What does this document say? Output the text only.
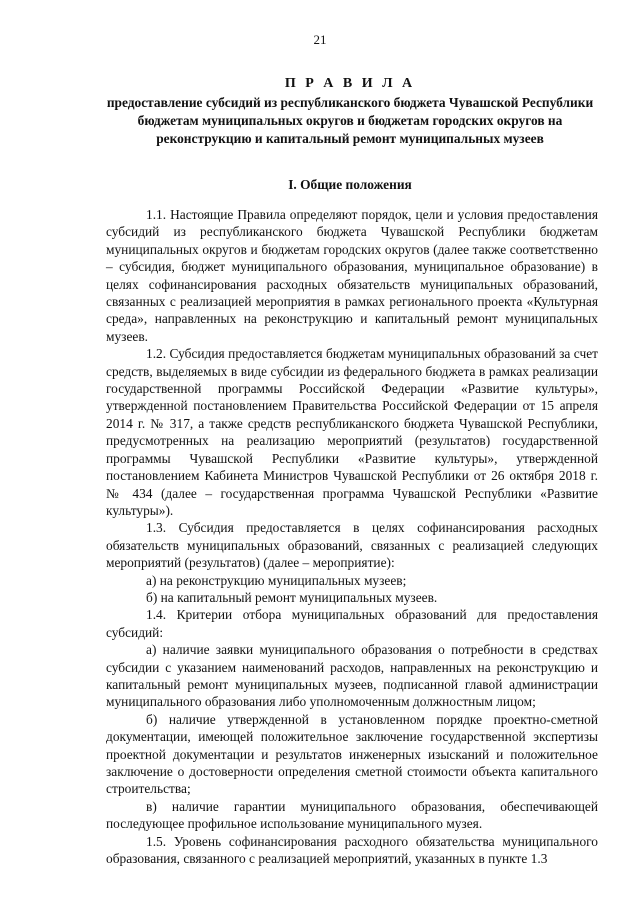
21

П Р А В И Л А

предоставление субсидий из республиканского бюджета Чувашской Республики бюджетам муниципальных округов и бюджетам городских округов на реконструкцию и капитальный ремонт муниципальных музеев

I. Общие положения

1.1. Настоящие Правила определяют порядок, цели и условия предоставления субсидий из республиканского бюджета Чувашской Республики бюджетам муниципальных округов и бюджетам городских округов (далее также соответственно – субсидия, бюджет муниципального образования, муниципальное образование) в целях софинансирования расходных обязательств муниципальных образований, связанных с реализацией мероприятия в рамках регионального проекта «Культурная среда», направленных на реконструкцию и капитальный ремонт муниципальных музеев.

1.2. Субсидия предоставляется бюджетам муниципальных образований за счет средств, выделяемых в виде субсидии из федерального бюджета в рамках реализации государственной программы Российской Федерации «Развитие культуры», утвержденной постановлением Правительства Российской Федерации от 15 апреля 2014 г. № 317, а также средств республиканского бюджета Чувашской Республики, предусмотренных на реализацию мероприятий (результатов) государственной программы Чувашской Республики «Развитие культуры», утвержденной постановлением Кабинета Министров Чувашской Республики от 26 октября 2018 г. № 434 (далее – государственная программа Чувашской Республики «Развитие культуры»).

1.3. Субсидия предоставляется в целях софинансирования расходных обязательств муниципальных образований, связанных с реализацией следующих мероприятий (результатов) (далее – мероприятие):

а) на реконструкцию муниципальных музеев;

б) на капитальный ремонт муниципальных музеев.

1.4. Критерии отбора муниципальных образований для предоставления субсидий:

а) наличие заявки муниципального образования о потребности в средствах субсидии с указанием наименований расходов, направленных на реконструкцию и капитальный ремонт муниципальных музеев, подписанной главой администрации муниципального образования либо уполномоченным должностным лицом;

б) наличие утвержденной в установленном порядке проектно-сметной документации, имеющей положительное заключение государственной экспертизы проектной документации и результатов инженерных изысканий и положительное заключение о достоверности определения сметной стоимости объекта капитального строительства;

в) наличие гарантии муниципального образования, обеспечивающей последующее профильное использование муниципального музея.

1.5. Уровень софинансирования расходного обязательства муниципального образования, связанного с реализацией мероприятий, указанных в пункте 1.3
